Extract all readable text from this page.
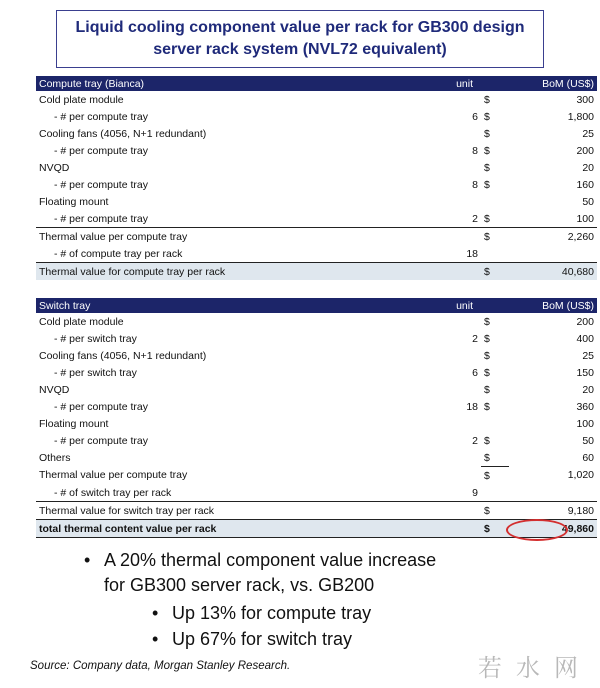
Liquid cooling component value per rack for GB300 design
server rack system (NVL72 equivalent)
Compute tray (Bianca)	unit		BoM (US$)
Cold plate module		$	300
- # per compute tray	6	$	1,800
Cooling fans (4056, N+1 redundant)		$	25
- # per compute tray	8	$	200
NVQD		$	20
- # per compute tray	8	$	160
Floating mount			50
- # per compute tray	2	$	100
Thermal value per compute tray		$	2,260
- # of compute tray per rack	18		
Thermal value for compute tray per rack		$	40,680
Switch tray	unit		BoM (US$)
Cold plate module		$	200
- # per switch tray	2	$	400
Cooling fans (4056, N+1 redundant)		$	25
- # per switch tray	6	$	150
NVQD		$	20
- # per compute tray	18	$	360
Floating mount			100
- # per compute tray	2	$	50
Others		$	60
Thermal value per compute tray		$	1,020
- # of switch tray per rack	9		
Thermal value for switch tray per rack		$	9,180
total thermal content value per rack		$	49,860
• A 20% thermal component value increase
for GB300 server rack, vs. GB200
• Up 13% for compute tray
• Up 67% for switch tray
Source: Company data, Morgan Stanley Research.	若水网
